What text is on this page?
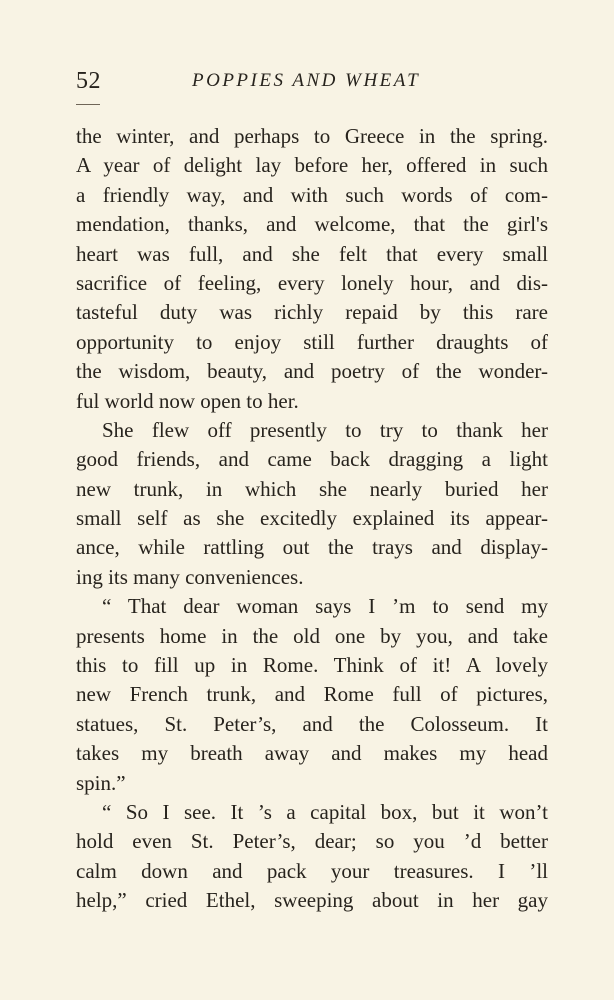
52	POPPIES AND WHEAT
the winter, and perhaps to Greece in the spring.
A year of delight lay before her, offered in such
a friendly way, and with such words of com-
mendation, thanks, and welcome, that the girl's
heart was full, and she felt that every small
sacrifice of feeling, every lonely hour, and dis-
tasteful duty was richly repaid by this rare
opportunity to enjoy still further draughts of
the wisdom, beauty, and poetry of the wonder-
ful world now open to her.
She flew off presently to try to thank her
good friends, and came back dragging a light
new trunk, in which she nearly buried her
small self as she excitedly explained its appear-
ance, while rattling out the trays and display-
ing its many conveniences.
“ That dear woman says I ’m to send my
presents home in the old one by you, and take
this to fill up in Rome. Think of it! A lovely
new French trunk, and Rome full of pictures,
statues, St. Peter’s, and the Colosseum. It
takes my breath away and makes my head
spin.”
“ So I see. It ’s a capital box, but it won’t
hold even St. Peter’s, dear; so you ’d better
calm down and pack your treasures. I ’ll
help,” cried Ethel, sweeping about in her gay
